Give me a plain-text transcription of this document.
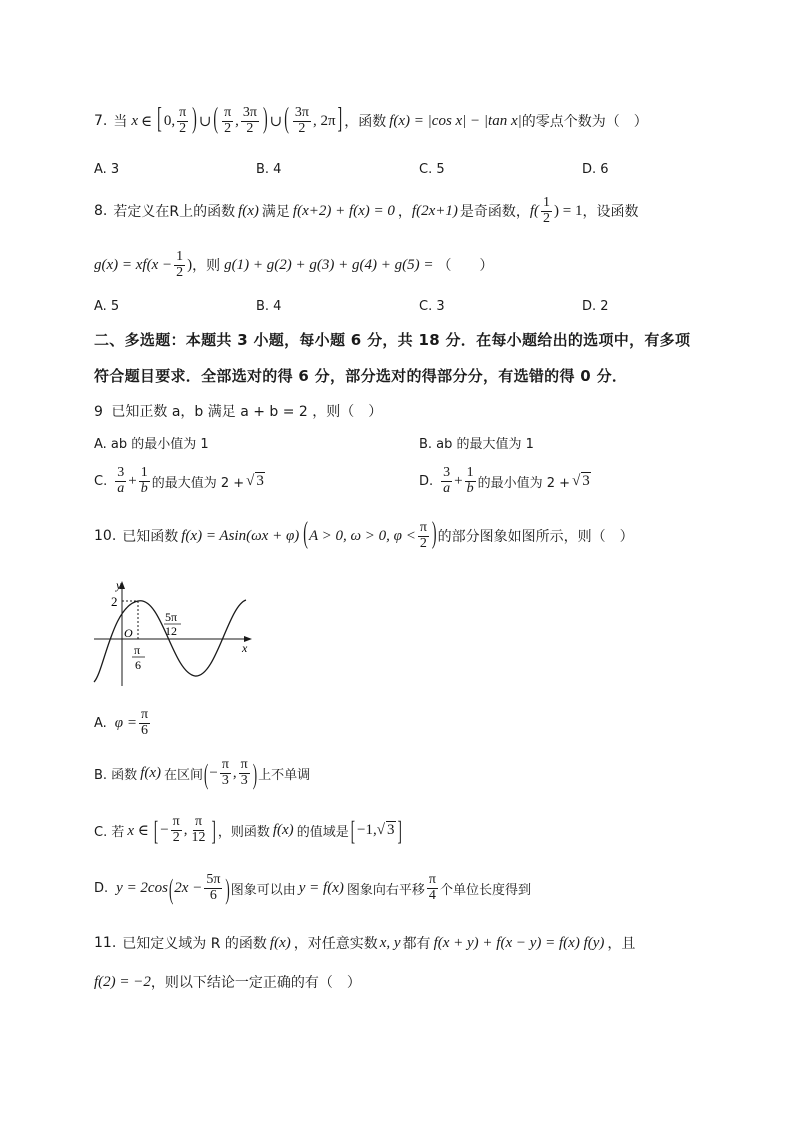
7. 当 x ∈ [ 0, $\frac{\pi}{2}$ ) ∪ ( $\frac{\pi}{2}$ , $\frac{3\pi}{2}$ ) ∪ ( $\frac{3\pi}{2}$ , 2π ] ，函数 f(x) = |cos x| − |tan x| 的零点个数为（　）
A. 3	B. 4	C. 5	D. 6
8. 若定义在R上的函数 f(x) 满足 f(x+2) + f(x) = 0 ， f(2x+1) 是奇函数， $f( \frac{1}{2}$ ) = 1 ，设函数
$g(x) = xf(x - \frac{1}{2}$ ) ，则 g(1) + g(2) + g(3) + g(4) + g(5) = （　　）
A. 5	B. 4	C. 3	D. 2
二、多选题：本题共 3 小题，每小题 6 分，共 18 分．在每小题给出的选项中，有多项
符合题目要求．全部选对的得 6 分，部分选对的得部分分，有选错的得 0 分．
9 已知正数 a，b 满足 a + b = 2 ，则（　）
A. ab 的最小值为 1	B. ab 的最大值为 1
C. $\frac{3}{a} + \frac{1}{b}$ 的最大值为 2 + √ 3	D. $\frac{3}{a} + \frac{1}{b}$ 的最小值为 2 + √ 3
10. 已知函数 f(x) = Asin(ωx + φ) ( A > 0, ω > 0, $\varphi < \frac{\pi}{2}$ ) 的部分图象如图所示，则（　）
y
x
2
O
5π
12
π
6
A. $\varphi = \frac{\pi}{6}$
B. 函数 f(x) 在区间 ( − $\frac{\pi}{3}$ , $\frac{\pi}{3}$ ) 上不单调
C. 若 x ∈ [ − $\frac{\pi}{2}$ , $\frac{\pi}{12}$ ] ，则函数 f(x) 的值域是 [ −1, √ 3 ]
D. y = 2cos ( $2x - \frac{5\pi}{6}$ ) 图象可以由 y = f(x) 图象向右平移 $\frac{\pi}{4}$ 个单位长度得到
11. 已知定义域为 R 的函数 f(x) ，对任意实数 x, y 都有 f(x + y) + f(x − y) = f(x) f(y) ，且
f(2) = −2 ，则以下结论一定正确的有（　）
